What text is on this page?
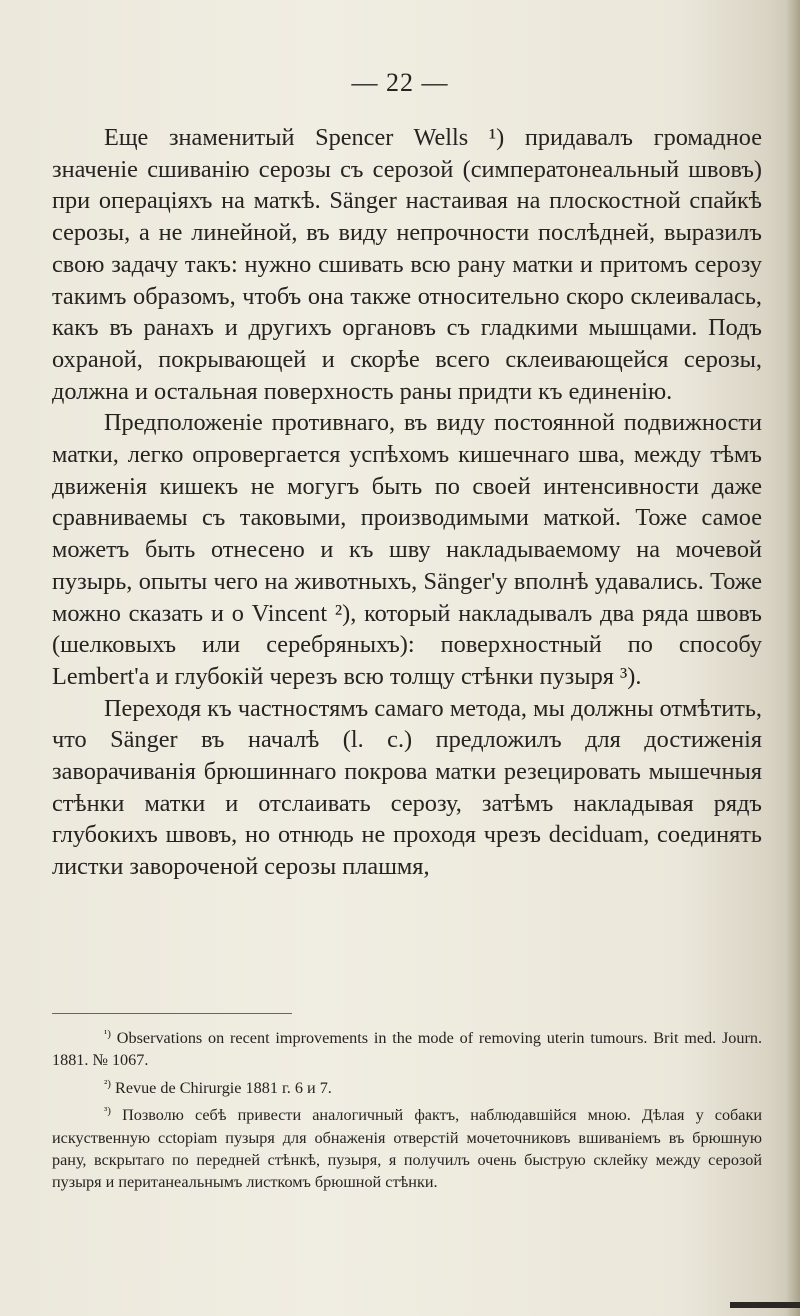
— 22 —

Еще знаменитый Spencer Wells ¹) придавалъ громадное значеніе сшиванію серозы съ серозой (симператонеальный швовъ) при операціяхъ на маткѣ. Sänger настаивая на плоскостной спайкѣ серозы, а не линейной, въ виду непрочности послѣдней, выразилъ свою задачу такъ: нужно сшивать всю рану матки и притомъ серозу такимъ образомъ, чтобъ она также относительно скоро склеивалась, какъ въ ранахъ и другихъ органовъ съ гладкими мышцами. Подъ охраной, покрывающей и скорѣе всего склеивающейся серозы, должна и остальная поверхность раны придти къ единенію.

Предположеніе противнаго, въ виду постоянной подвижности матки, легко опровергается успѣхомъ кишечнаго шва, между тѣмъ движенія кишекъ не могугъ быть по своей интенсивности даже сравниваемы съ таковыми, производимыми маткой. Тоже самое можетъ быть отнесено и къ шву накладываемому на мочевой пузырь, опыты чего на животныхъ, Sänger'у вполнѣ удавались. Тоже можно сказать и о Vincent ²), который накладывалъ два ряда швовъ (шелковыхъ или серебряныхъ): поверхностный по способу Lembert'а и глубокій черезъ всю толщу стѣнки пузыря ³).

Переходя къ частностямъ самаго метода, мы должны отмѣтить, что Sänger въ началѣ (l. c.) предложилъ для достиженія заворачиванія брюшиннаго покрова матки резецировать мышечныя стѣнки матки и отслаивать серозу, затѣмъ накладывая рядъ глубокихъ швовъ, но отнюдь не проходя чрезъ deciduam, соединять листки завороченой серозы плашмя,

$^{^1)}$ Observations on recent improvements in the mode of removing uterin tumours. Brit med. Journ. 1881. № 1067.

$^{^2)}$ Revue de Chirurgie 1881 г. 6 и 7.

$^{^3)}$ Позволю себѣ привести аналогичный фактъ, наблюдавшійся мною. Дѣлая у собаки искуственную cctopiam пузыря для обнаженія отверстій мочеточниковъ вшиваніемъ въ брюшную рану, вскрытаго по передней стѣнкѣ, пузыря, я получилъ очень быструю склейку между серозой пузыря и пеританеальнымъ листкомъ брюшной стѣнки.
